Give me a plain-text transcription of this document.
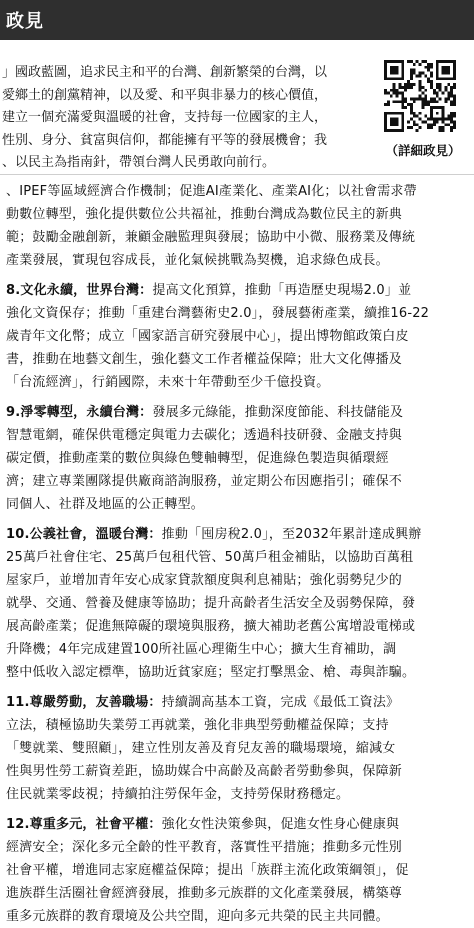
政見
」國政藍圖，追求民主和平的台灣、創新繁榮的台灣，以
愛鄉土的創黨精神，以及愛、和平與非暴力的核心價值，
建立一個充滿愛與溫暖的社會，支持每一位國家的主人，
性別、身分、貧富與信仰，都能擁有平等的發展機會；我
、以民主為指南針，帶領台灣人民勇敢向前行。
（詳細政見）
、IPEF等區域經濟合作機制；促進AI產業化、產業AI化；以社會需求帶
動數位轉型，強化提供數位公共福祉，推動台灣成為數位民主的新典
範；鼓勵金融創新，兼顧金融監理與發展；協助中小微、服務業及傳統
產業發展，實現包容成長，並化氣候挑戰為契機，追求綠色成長。
8.文化永續，世界台灣：提高文化預算，推動「再造歷史現場2.0」並
強化文資保存；推動「重建台灣藝術史2.0」，發展藝術產業，續推16-22
歲青年文化幣；成立「國家語言研究發展中心」，提出博物館政策白皮
書，推動在地藝文創生，強化藝文工作者權益保障；壯大文化傳播及
「台流經濟」，行銷國際，未來十年帶動至少千億投資。
9.淨零轉型，永續台灣：發展多元綠能，推動深度節能、科技儲能及
智慧電網，確保供電穩定與電力去碳化；透過科技研發、金融支持與
碳定價，推動產業的數位與綠色雙軸轉型，促進綠色製造與循環經
濟；建立專業團隊提供廠商諮詢服務，並定期公布因應指引；確保不
同個人、社群及地區的公正轉型。
10.公義社會，溫暖台灣：推動「囤房稅2.0」，至2032年累計達成興辦
25萬戶社會住宅、25萬戶包租代管、50萬戶租金補貼，以協助百萬租
屋家戶，並增加青年安心成家貸款額度與利息補貼；強化弱勢兒少的
就學、交通、營養及健康等協助；提升高齡者生活安全及弱勢保障，發
展高齡產業；促進無障礙的環境與服務，擴大補助老舊公寓增設電梯或
升降機；4年完成建置100所社區心理衛生中心；擴大生育補助，調
整中低收入認定標準，協助近貧家庭；堅定打擊黑金、槍、毒與詐騙。
11.尊嚴勞動，友善職場：持續調高基本工資，完成《最低工資法》
立法，積極協助失業勞工再就業，強化非典型勞動權益保障；支持
「雙就業、雙照顧」，建立性別友善及育兒友善的職場環境，縮減女
性與男性勞工薪資差距，協助媒合中高齡及高齡者勞動參與，保障新
住民就業零歧視；持續拍注勞保年金，支持勞保財務穩定。
12.尊重多元，社會平權：強化女性決策參與，促進女性身心健康與
經濟安全；深化多元全齡的性平教育，落實性平措施；推動多元性別
社會平權，增進同志家庭權益保障；提出「族群主流化政策綱領」，促
進族群生活圈社會經濟發展，推動多元族群的文化產業發展，構築尊
重多元族群的教育環境及公共空間，迎向多元共榮的民主共同體。
